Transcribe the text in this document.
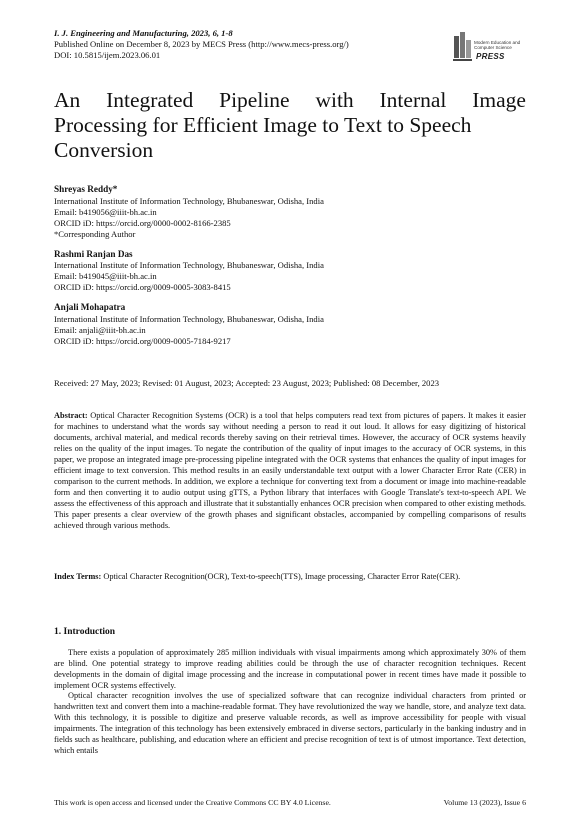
I. J. Engineering and Manufacturing, 2023, 6, 1-8
Published Online on December 8, 2023 by MECS Press (http://www.mecs-press.org/)
DOI: 10.5815/ijem.2023.06.01
Modern Education and Computer Science
PRESS
An Integrated Pipeline with Internal Image
Processing for Efficient Image to Text to Speech
Conversion
Shreyas Reddy*
International Institute of Information Technology, Bhubaneswar, Odisha, India
Email: b419056@iiit-bh.ac.in
ORCID iD: https://orcid.org/0000-0002-8166-2385
*Corresponding Author
Rashmi Ranjan Das
International Institute of Information Technology, Bhubaneswar, Odisha, India
Email: b419045@iiit-bh.ac.in
ORCID iD: https://orcid.org/0009-0005-3083-8415
Anjali Mohapatra
International Institute of Information Technology, Bhubaneswar, Odisha, India
Email: anjali@iiit-bh.ac.in
ORCID iD: https://orcid.org/0009-0005-7184-9217
Received: 27 May, 2023; Revised: 01 August, 2023; Accepted: 23 August, 2023; Published: 08 December, 2023
Abstract: Optical Character Recognition Systems (OCR) is a tool that helps computers read text from pictures of papers. It makes it easier for machines to understand what the words say without needing a person to read it out loud. It allows for easy digitizing of historical documents, archival material, and medical records thereby saving on their retrieval times. However, the accuracy of OCR systems heavily relies on the quality of the input images. To negate the contribution of the quality of input images to the accuracy of OCR systems, in this paper, we propose an integrated image pre-processing pipeline integrated with the OCR systems that enhances the quality of input images for efficient image to text conversion. This method results in an easily understandable text output with a lower Character Error Rate (CER) in comparison to the current methods. In addition, we explore a technique for converting text from a document or image into machine-readable form and then converting it to audio output using gTTS, a Python library that interfaces with Google Translate's text-to-speech API. We assess the effectiveness of this approach and illustrate that it substantially enhances OCR precision when compared to other existing methods. This paper presents a clear overview of the growth phases and significant obstacles, accompanied by compelling comparisons of results achieved through various methods.
Index Terms: Optical Character Recognition(OCR), Text-to-speech(TTS), Image processing, Character Error Rate(CER).
1. Introduction

There exists a population of approximately 285 million individuals with visual impairments among which approximately 30% of them are blind. One potential strategy to improve reading abilities could be through the use of character recognition techniques. Recent developments in the domain of digital image processing and the increase in computational power in recent times have made it possible to implement OCR systems effectively.

Optical character recognition involves the use of specialized software that can recognize individual characters from printed or handwritten text and convert them into a machine-readable format. They have revolutionized the way we handle, store, and analyze text data. With this technology, it is possible to digitize and preserve valuable records, as well as improve accessibility for people with visual impairments. The integration of this technology has been extensively embraced in diverse sectors, particularly in the banking industry and in fields such as healthcare, publishing, and education where an efficient and precise recognition of text is of utmost importance. Text detection, which entails

This work is open access and licensed under the Creative Commons CC BY 4.0 License.	Volume 13 (2023), Issue 6
